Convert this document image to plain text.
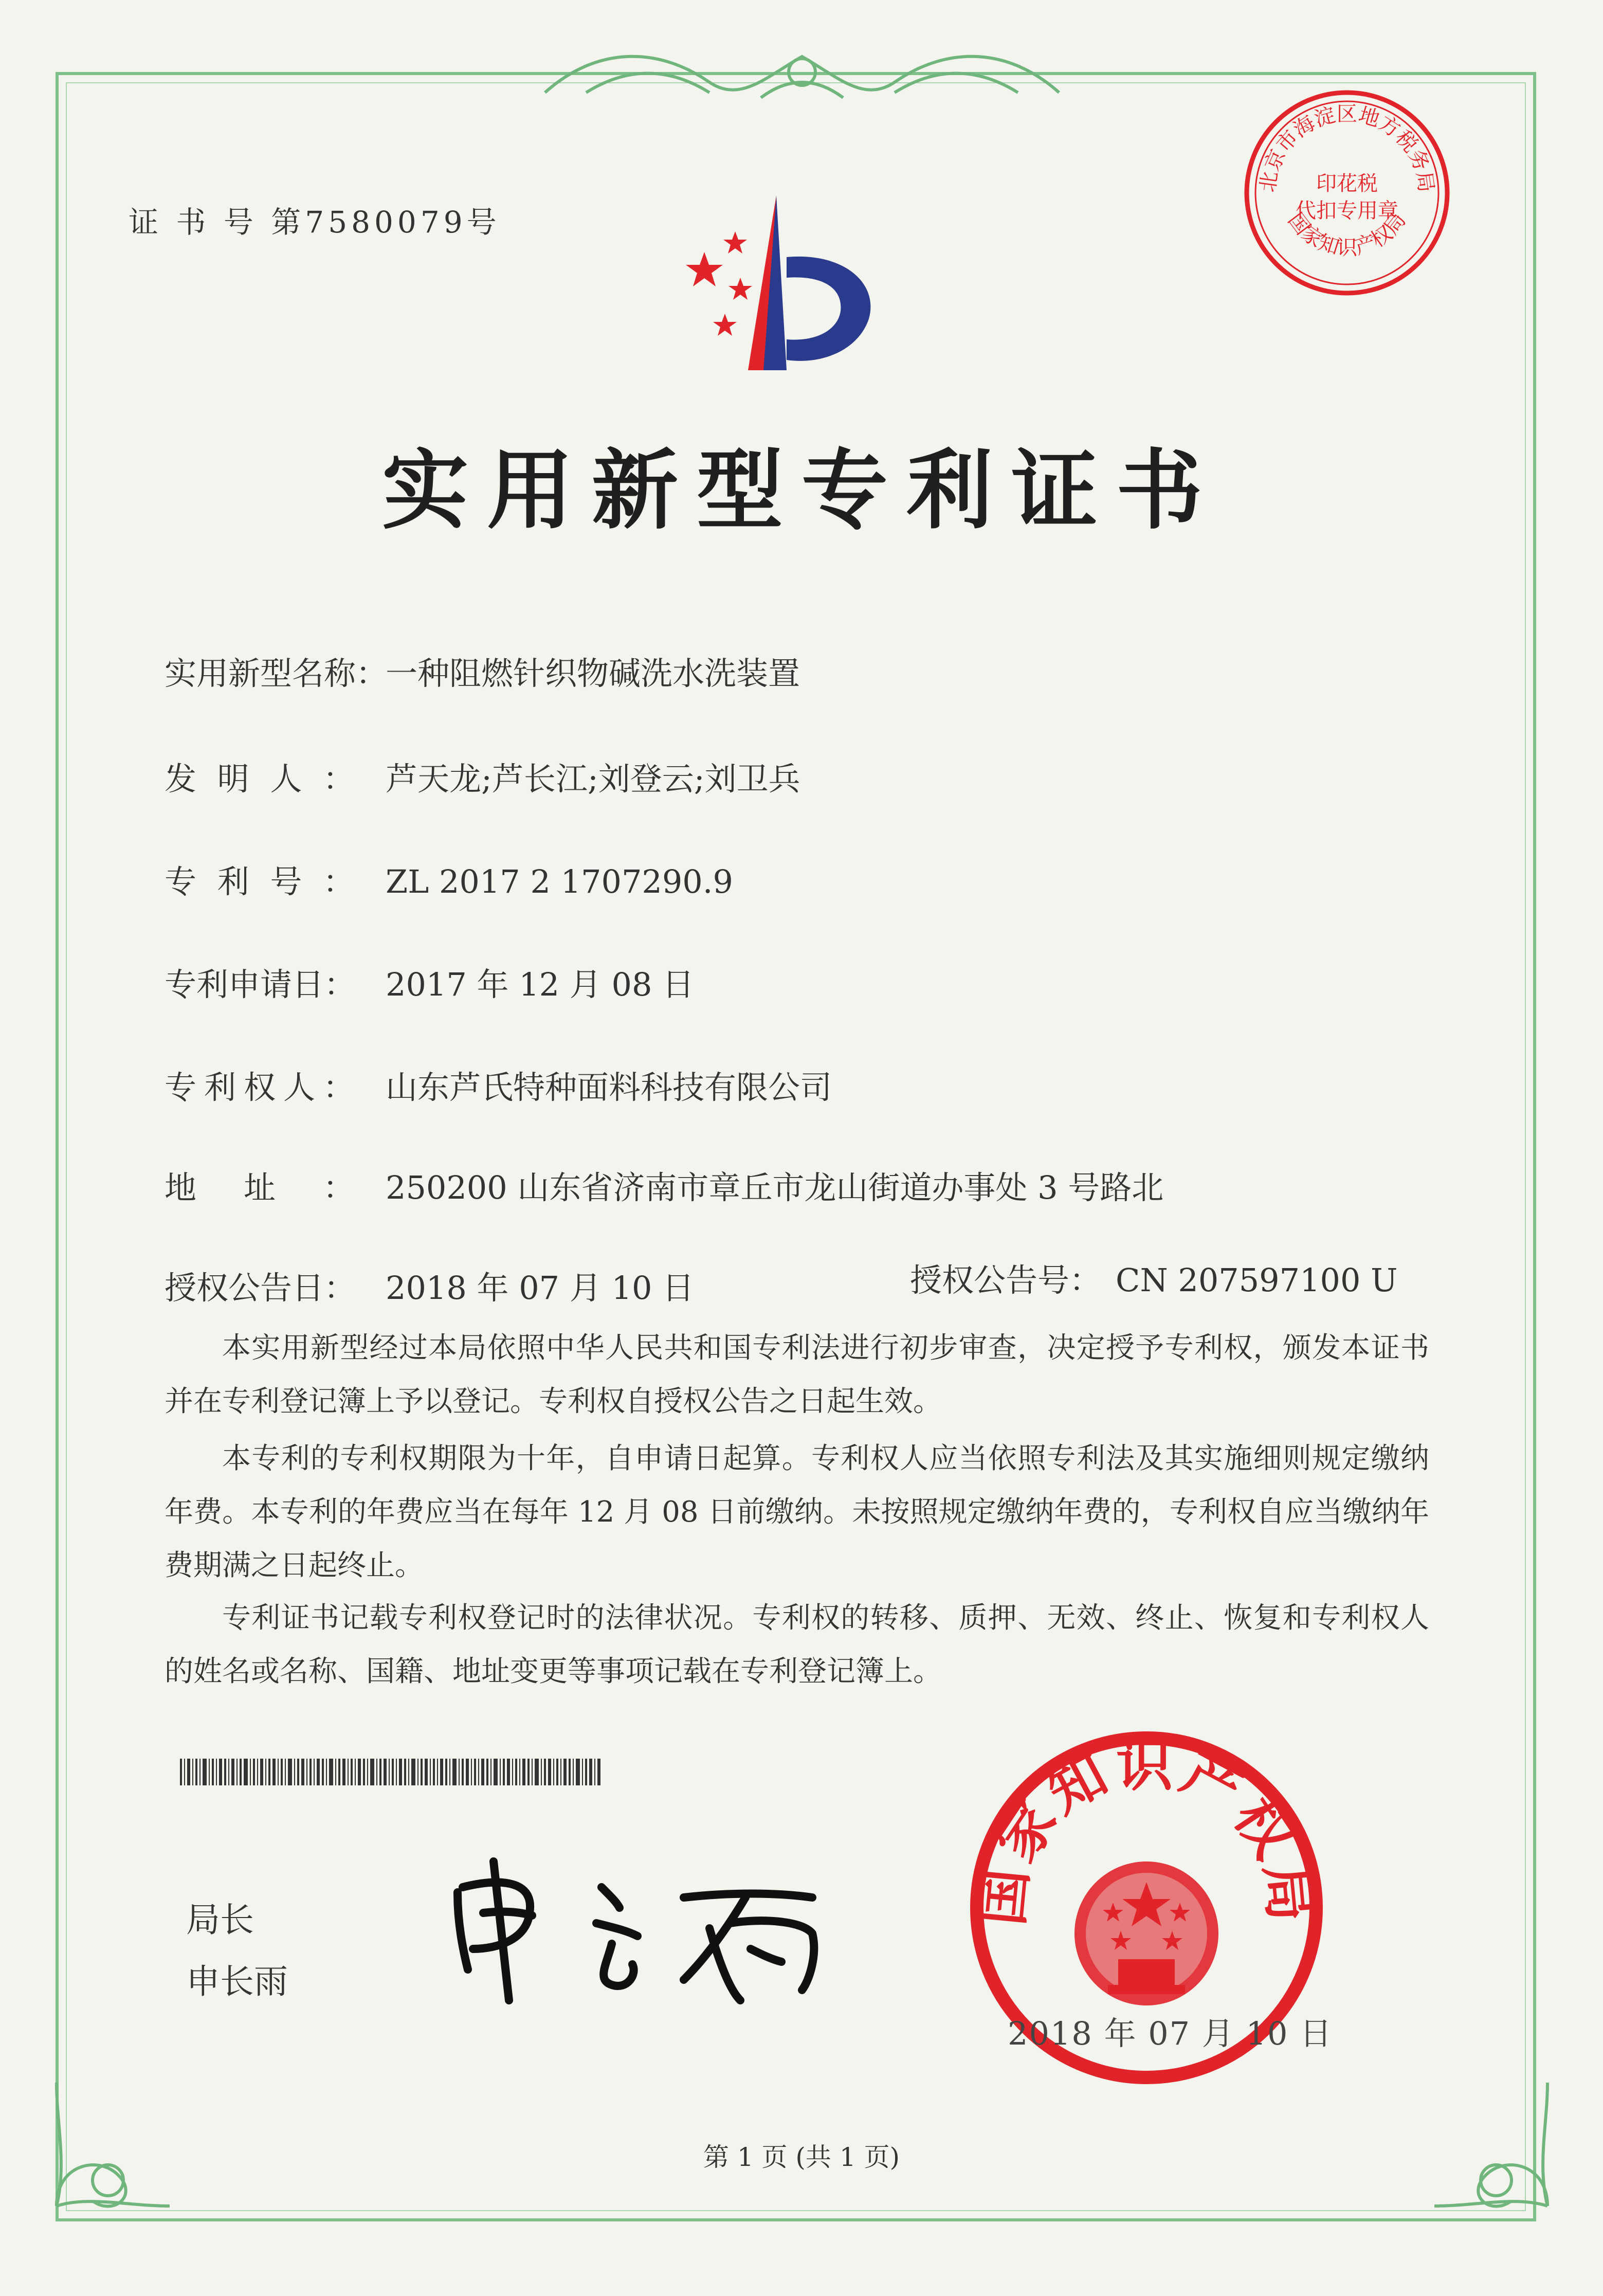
证 书 号 第7580079号
北京市海淀区地方税务局
国家知识产权局
印花税
代扣专用章
实用新型专利证书
实用新型名称：一种阻燃针织物碱洗水洗装置
发 明 人 ： 芦天龙;芦长江;刘登云;刘卫兵
专 利 号 ： ZL 2017 2 1707290.9
专利申请日： 2017 年 12 月 08 日
专 利 权 人 ： 山东芦氏特种面料科技有限公司
地 址 ： 250200 山东省济南市章丘市龙山街道办事处 3 号路北
授权公告日： 2018 年 07 月 10 日	授权公告号： CN 207597100 U

本实用新型经过本局依照中华人民共和国专利法进行初步审查，决定授予专利权，颁发本证书并在专利登记簿上予以登记。专利权自授权公告之日起生效。

本专利的专利权期限为十年，自申请日起算。专利权人应当依照专利法及其实施细则规定缴纳年费。本专利的年费应当在每年 12 月 08 日前缴纳。未按照规定缴纳年费的，专利权自应当缴纳年费期满之日起终止。

专利证书记载专利权登记时的法律状况。专利权的转移、质押、无效、终止、恢复和专利权人的姓名或名称、国籍、地址变更等事项记载在专利登记簿上。

局长
申长雨
国家知识产权局
2018 年 07 月 10 日
第 1 页 (共 1 页)
